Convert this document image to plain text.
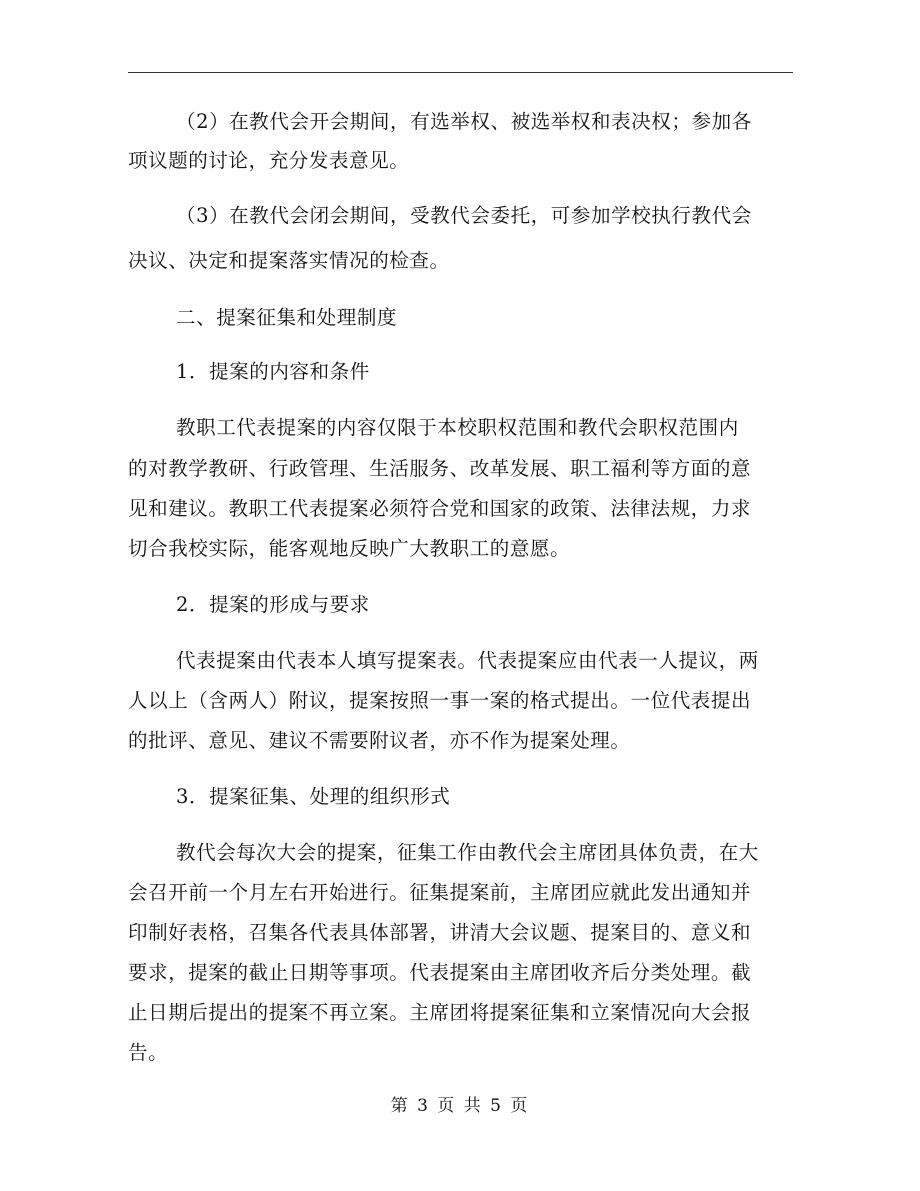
（2）在教代会开会期间，有选举权、被选举权和表决权；参加各
项议题的讨论，充分发表意见。
（3）在教代会闭会期间，受教代会委托，可参加学校执行教代会
决议、决定和提案落实情况的检查。
二、提案征集和处理制度
1．提案的内容和条件
教职工代表提案的内容仅限于本校职权范围和教代会职权范围内
的对教学教研、行政管理、生活服务、改革发展、职工福利等方面的意
见和建议。教职工代表提案必须符合党和国家的政策、法律法规，力求
切合我校实际，能客观地反映广大教职工的意愿。
2．提案的形成与要求
代表提案由代表本人填写提案表。代表提案应由代表一人提议，两
人以上（含两人）附议，提案按照一事一案的格式提出。一位代表提出
的批评、意见、建议不需要附议者，亦不作为提案处理。
3．提案征集、处理的组织形式
教代会每次大会的提案，征集工作由教代会主席团具体负责，在大
会召开前一个月左右开始进行。征集提案前，主席团应就此发出通知并
印制好表格，召集各代表具体部署，讲清大会议题、提案目的、意义和
要求，提案的截止日期等事项。代表提案由主席团收齐后分类处理。截
止日期后提出的提案不再立案。主席团将提案征集和立案情况向大会报
告。
第 3 页 共 5 页
